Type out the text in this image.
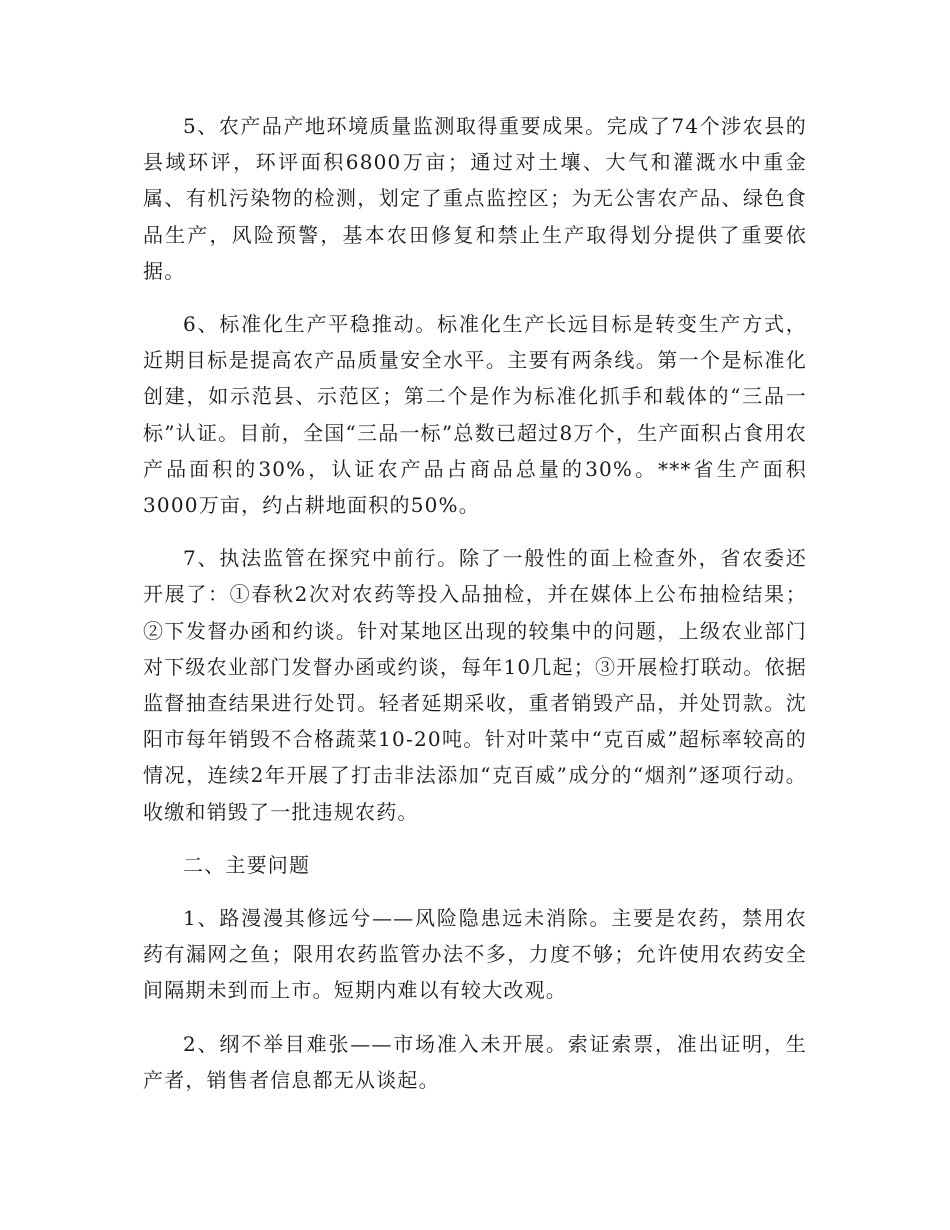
5、农产品产地环境质量监测取得重要成果。完成了74个涉农县的县域环评，环评面积6800万亩；通过对土壤、大气和灌溉水中重金属、有机污染物的检测，划定了重点监控区；为无公害农产品、绿色食品生产，风险预警，基本农田修复和禁止生产取得划分提供了重要依据。

6、标准化生产平稳推动。标准化生产长远目标是转变生产方式，近期目标是提高农产品质量安全水平。主要有两条线。第一个是标准化创建，如示范县、示范区；第二个是作为标准化抓手和载体的“三品一标”认证。目前，全国“三品一标”总数已超过8万个，生产面积占食用农产品面积的30%，认证农产品占商品总量的30%。***省生产面积3000万亩，约占耕地面积的50%。

7、执法监管在探究中前行。除了一般性的面上检查外，省农委还开展了：①春秋2次对农药等投入品抽检，并在媒体上公布抽检结果；②下发督办函和约谈。针对某地区出现的较集中的问题，上级农业部门对下级农业部门发督办函或约谈，每年10几起；③开展检打联动。依据监督抽查结果进行处罚。轻者延期采收，重者销毁产品，并处罚款。沈阳市每年销毁不合格蔬菜10-20吨。针对叶菜中“克百威”超标率较高的情况，连续2年开展了打击非法添加“克百威”成分的“烟剂”逐项行动。收缴和销毁了一批违规农药。

二、主要问题

1、路漫漫其修远兮——风险隐患远未消除。主要是农药，禁用农药有漏网之鱼；限用农药监管办法不多，力度不够；允许使用农药安全间隔期未到而上市。短期内难以有较大改观。

2、纲不举目难张——市场准入未开展。索证索票，准出证明，生产者，销售者信息都无从谈起。
